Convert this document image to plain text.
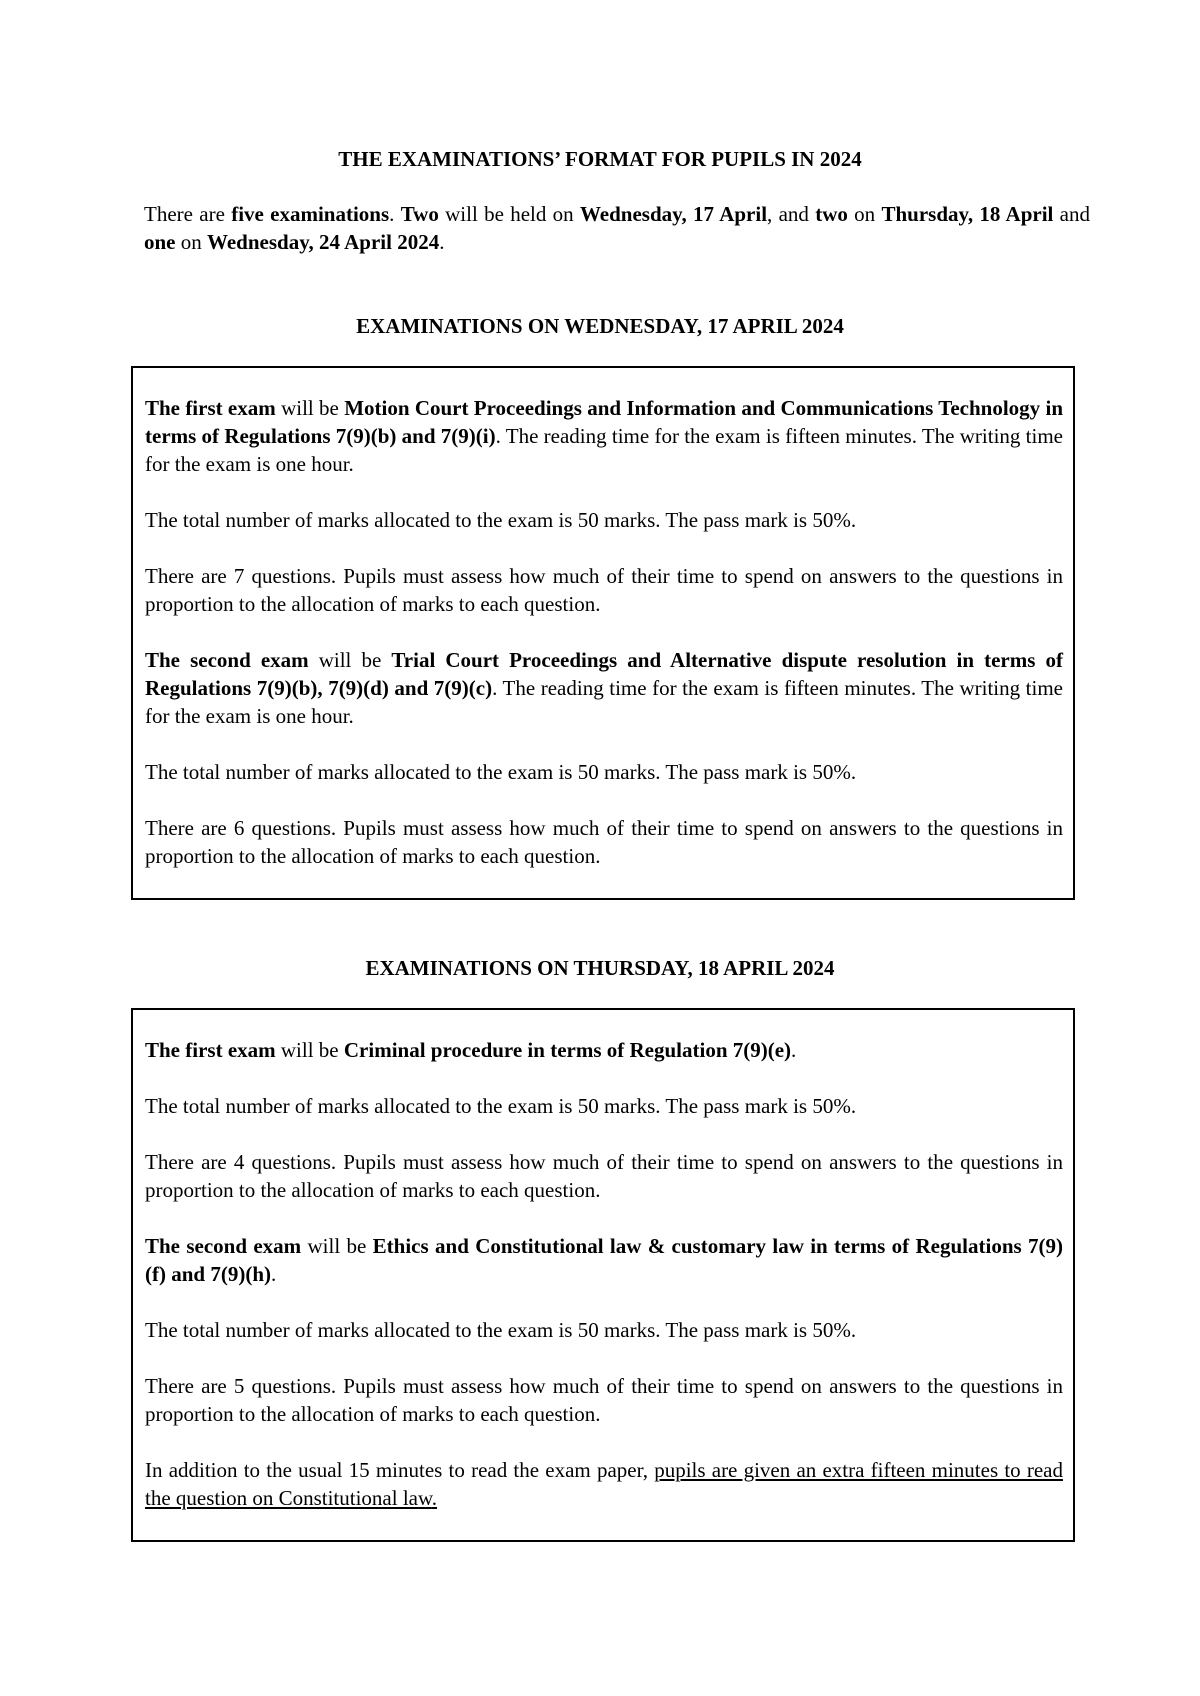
THE EXAMINATIONS’ FORMAT FOR PUPILS IN 2024

There are five examinations. Two will be held on Wednesday, 17 April, and two on Thursday, 18 April and one on Wednesday, 24 April 2024.

EXAMINATIONS ON WEDNESDAY, 17 APRIL 2024

The first exam will be Motion Court Proceedings and Information and Communications Technology in terms of Regulations 7(9)(b) and 7(9)(i). The reading time for the exam is fifteen minutes. The writing time for the exam is one hour.

The total number of marks allocated to the exam is 50 marks. The pass mark is 50%.

There are 7 questions. Pupils must assess how much of their time to spend on answers to the questions in proportion to the allocation of marks to each question.

The second exam will be Trial Court Proceedings and Alternative dispute resolution in terms of Regulations 7(9)(b), 7(9)(d) and 7(9)(c). The reading time for the exam is fifteen minutes. The writing time for the exam is one hour.

The total number of marks allocated to the exam is 50 marks. The pass mark is 50%.

There are 6 questions. Pupils must assess how much of their time to spend on answers to the questions in proportion to the allocation of marks to each question.

EXAMINATIONS ON THURSDAY, 18 APRIL 2024

The first exam will be Criminal procedure in terms of Regulation 7(9)(e).

The total number of marks allocated to the exam is 50 marks. The pass mark is 50%.

There are 4 questions. Pupils must assess how much of their time to spend on answers to the questions in proportion to the allocation of marks to each question.

The second exam will be Ethics and Constitutional law & customary law in terms of Regulations 7(9)(f) and 7(9)(h).

The total number of marks allocated to the exam is 50 marks. The pass mark is 50%.

There are 5 questions. Pupils must assess how much of their time to spend on answers to the questions in proportion to the allocation of marks to each question.

In addition to the usual 15 minutes to read the exam paper, pupils are given an extra fifteen minutes to read the question on Constitutional law.
